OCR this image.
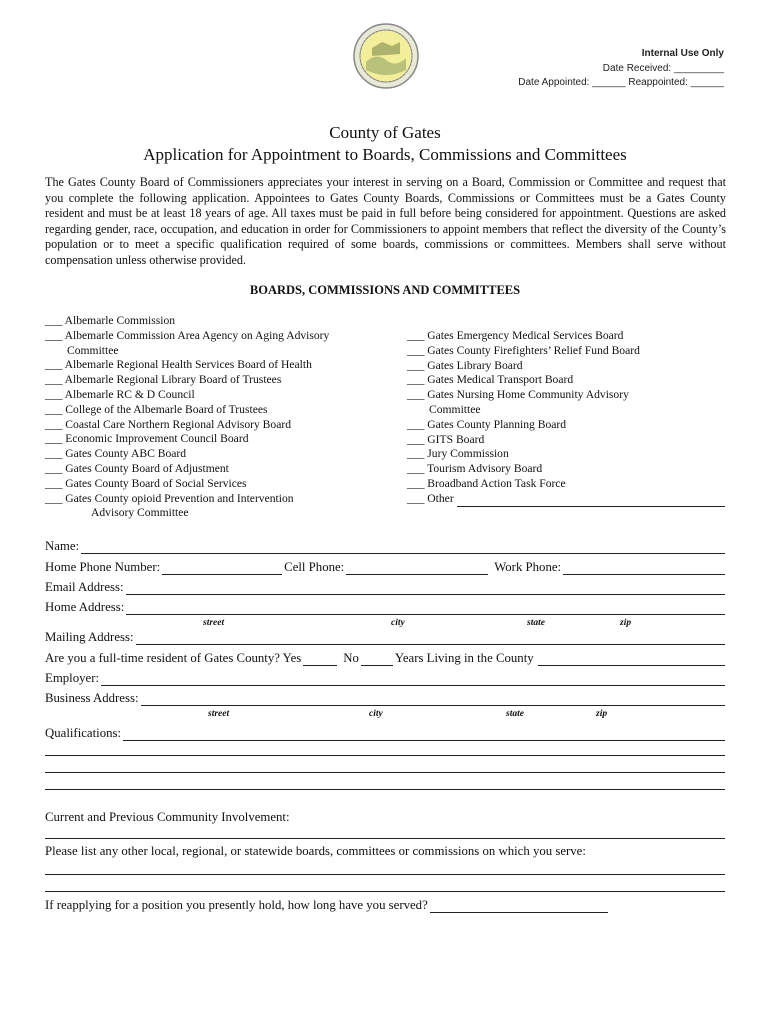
Internal Use Only
Date Received: _________
Date Appointed: ______ Reappointed: ______
County of Gates
Application for Appointment to Boards, Commissions and Committees
The Gates County Board of Commissioners appreciates your interest in serving on a Board, Commission or Committee and request that you complete the following application. Appointees to Gates County Boards, Commissions or Committees must be a Gates County resident and must be at least 18 years of age. All taxes must be paid in full before being considered for appointment. Questions are asked regarding gender, race, occupation, and education in order for Commissioners to appoint members that reflect the diversity of the County’s population or to meet a specific qualification required of some boards, commissions or committees. Members shall serve without compensation unless otherwise provided.
BOARDS, COMMISSIONS AND COMMITTEES
___ Albemarle Commission
___ Albemarle Commission Area Agency on Aging Advisory
Committee
___ Albemarle Regional Health Services Board of Health
___ Albemarle Regional Library Board of Trustees
___ Albemarle RC & D Council
___ College of the Albemarle Board of Trustees
___ Coastal Care Northern Regional Advisory Board
___ Economic Improvement Council Board
___ Gates County ABC Board
___ Gates County Board of Adjustment
___ Gates County Board of Social Services
___ Gates County opioid Prevention and Intervention
Advisory Committee
___ Gates Emergency Medical Services Board
___ Gates County Firefighters’ Relief Fund Board
___ Gates Library Board
___ Gates Medical Transport Board
___ Gates Nursing Home Community Advisory
Committee
___ Gates County Planning Board
___ GITS Board
___ Jury Commission
___ Tourism Advisory Board
___ Broadband Action Task Force
___ Other
Name:
Home Phone Number:	Cell Phone:	Work Phone:
Email Address:
Home Address:
street	city	state	zip
Mailing Address:
Are you a full-time resident of Gates County? Yes	No	Years Living in the County
Employer:
Business Address:
street	city	state	zip
Qualifications:
Current and Previous Community Involvement:
Please list any other local, regional, or statewide boards, committees or commissions on which you serve:
If reapplying for a position you presently hold, how long have you served?
